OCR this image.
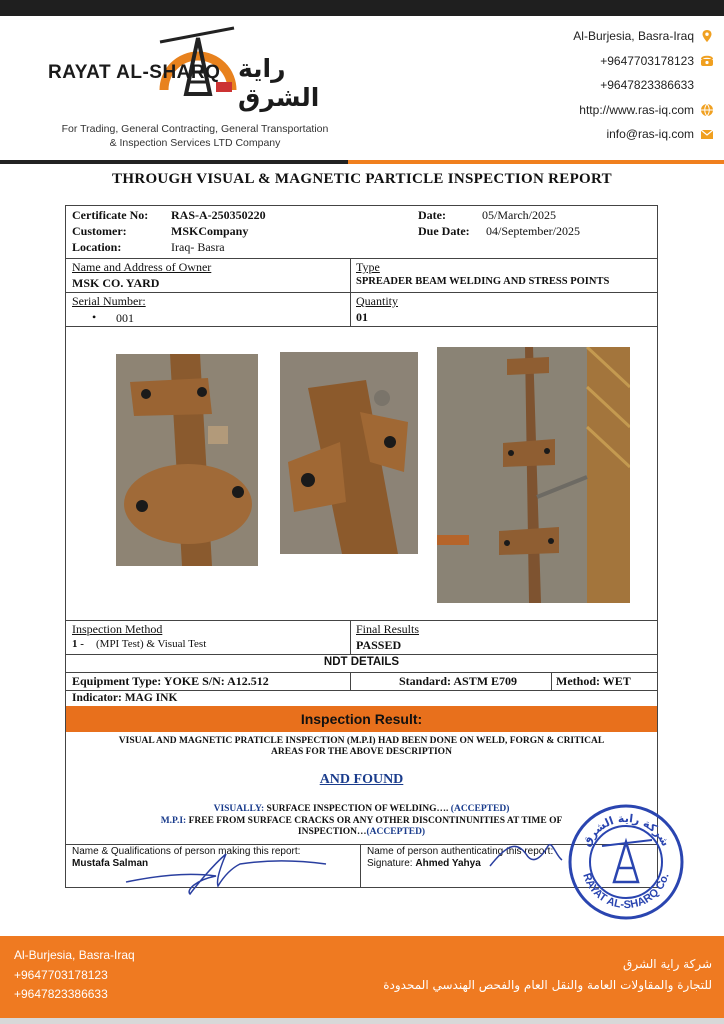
RAYAT AL-SHARQ راية الشرق
For Trading, General Contracting, General Transportation
& Inspection Services LTD Company
Al-Burjesia, Basra-Iraq
+9647703178123
+9647823386633
http://www.ras-iq.com
info@ras-iq.com
THROUGH VISUAL & MAGNETIC PARTICLE INSPECTION REPORT
Certificate No: RAS-A-250350220
Customer:	MSKCompany
Location:	Iraq- Basra
Date:	05/March/2025
Due Date: 04/September/2025
Name and Address of Owner
MSK CO. YARD
Type
SPREADER BEAM WELDING AND STRESS POINTS
Serial Number:
• 001
Quantity
01
Inspection Method
1 - (MPI Test) & Visual Test
Final Results
PASSED
NDT DETAILS
Equipment Type: YOKE S/N: A12.512	Standard: ASTM E709	Method: WET
Indicator: MAG INK
Inspection Result:
VISUAL AND MAGNETIC PRATICLE INSPECTION (M.P.I) HAD BEEN DONE ON WELD, FORGN & CRITICAL
AREAS FOR THE ABOVE DESCRIPTION
AND FOUND
VISUALLY: SURFACE INSPECTION OF WELDING…. (ACCEPTED)
M.P.I: FREE FROM SURFACE CRACKS OR ANY OTHER DISCONTINUNITIES AT TIME OF
INSPECTION…(ACCEPTED)
Name & Qualifications of person making this report:
Mustafa Salman
Name of person authenticating this report:
Signature: Ahmed Yahya
شركة راية الشرق
RAYAT AL-SHARQ Co.
Al-Burjesia, Basra-Iraq
+9647703178123
+9647823386633
شركة راية الشرق
للتجارة والمقاولات العامة والنقل العام والفحص الهندسي المحدودة
